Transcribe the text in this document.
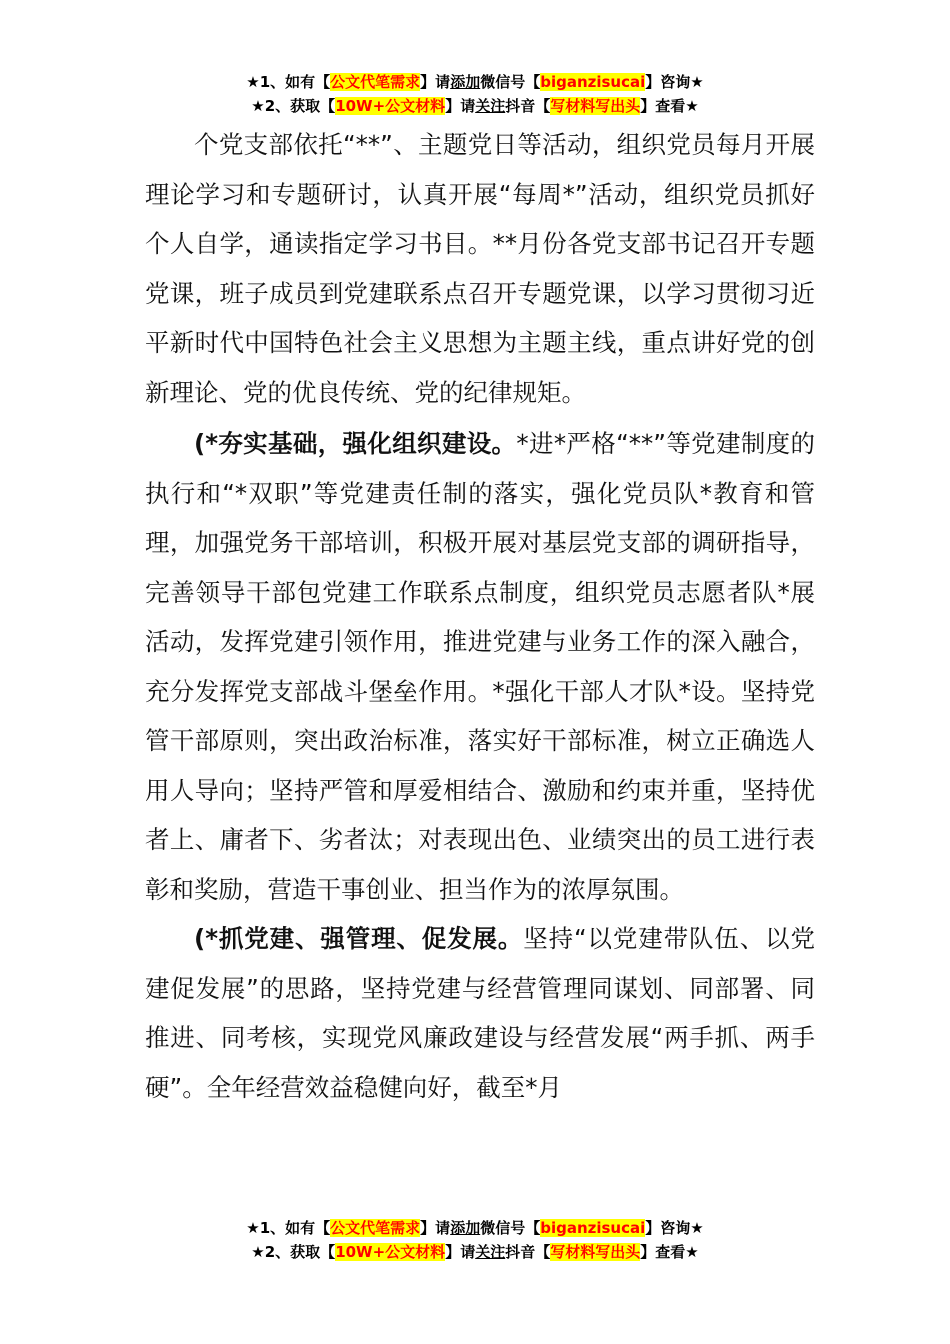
★1、如有【公文代笔需求】请添加微信号【biganzisucai】咨询★
★2、获取【10W+公文材料】请关注抖音【写材料写出头】查看★

个党支部依托“**”、主题党日等活动，组织党员每月开展理论学习和专题研讨，认真开展“每周*”活动，组织党员抓好个人自学，通读指定学习书目。**月份各党支部书记召开专题党课，班子成员到党建联系点召开专题党课，以学习贯彻习近平新时代中国特色社会主义思想为主题主线，重点讲好党的创新理论、党的优良传统、党的纪律规矩。

(*夯实基础，强化组织建设。*进*严格“**”等党建制度的执行和“*双职”等党建责任制的落实，强化党员队*教育和管理，加强党务干部培训，积极开展对基层党支部的调研指导，完善领导干部包党建工作联系点制度，组织党员志愿者队*展活动，发挥党建引领作用，推进党建与业务工作的深入融合，充分发挥党支部战斗堡垒作用。*强化干部人才队*设。坚持党管干部原则，突出政治标准，落实好干部标准，树立正确选人用人导向；坚持严管和厚爱相结合、激励和约束并重，坚持优者上、庸者下、劣者汰；对表现出色、业绩突出的员工进行表彰和奖励，营造干事创业、担当作为的浓厚氛围。

(*抓党建、强管理、促发展。坚持“以党建带队伍、以党建促发展”的思路，坚持党建与经营管理同谋划、同部署、同推进、同考核，实现党风廉政建设与经营发展“两手抓、两手硬”。全年经营效益稳健向好，截至*月

★1、如有【公文代笔需求】请添加微信号【biganzisucai】咨询★
★2、获取【10W+公文材料】请关注抖音【写材料写出头】查看★
